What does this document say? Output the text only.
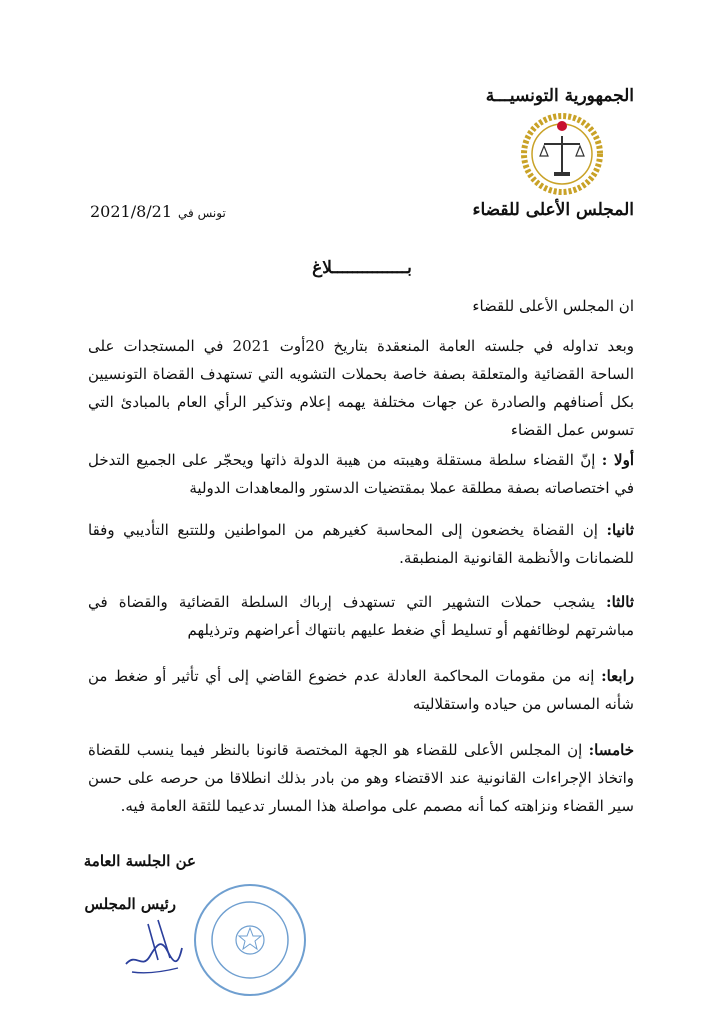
الجمهورية التونسيـــة
المجلس الأعلى للقضاء
تونس في2021/8/21
بـــــــــــــــلاغ
ان المجلس الأعلى للقضاء
وبعد تداوله في جلسته العامة المنعقدة بتاريخ 20أوت 2021 في المستجدات على الساحة القضائية والمتعلقة بصفة خاصة بحملات التشويه التي تستهدف القضاة التونسيين بكل أصنافهم والصادرة عن جهات مختلفة يهمه إعلام وتذكير الرأي العام بالمبادئ التي تسوس عمل القضاء
أولا : إنّ القضاء سلطة مستقلة وهيبته من هيبة الدولة ذاتها ويحجّر على الجميع التدخل في اختصاصاته بصفة مطلقة عملا بمقتضيات الدستور والمعاهدات الدولية
ثانيا: إن القضاة يخضعون إلى المحاسبة كغيرهم من المواطنين وللتتبع التأديبي وفقا للضمانات والأنظمة القانونية المنطبقة.
ثالثا: يشجب حملات التشهير التي تستهدف إرباك السلطة القضائية والقضاة في مباشرتهم لوظائفهم أو تسليط أي ضغط عليهم بانتهاك أعراضهم وترذيلهم
رابعا: إنه من مقومات المحاكمة العادلة عدم خضوع القاضي إلى أي تأثير أو ضغط من شأنه المساس من حياده واستقلاليته
خامسا: إن المجلس الأعلى للقضاء هو الجهة المختصة قانونا بالنظر فيما ينسب للقضاة واتخاذ الإجراءات القانونية عند الاقتضاء وهو من بادر بذلك انطلاقا من حرصه على حسن سير القضاء ونزاهته كما أنه مصمم على مواصلة هذا المسار تدعيما للثقة العامة فيه.
عن الجلسة العامة
رئيس المجلس
